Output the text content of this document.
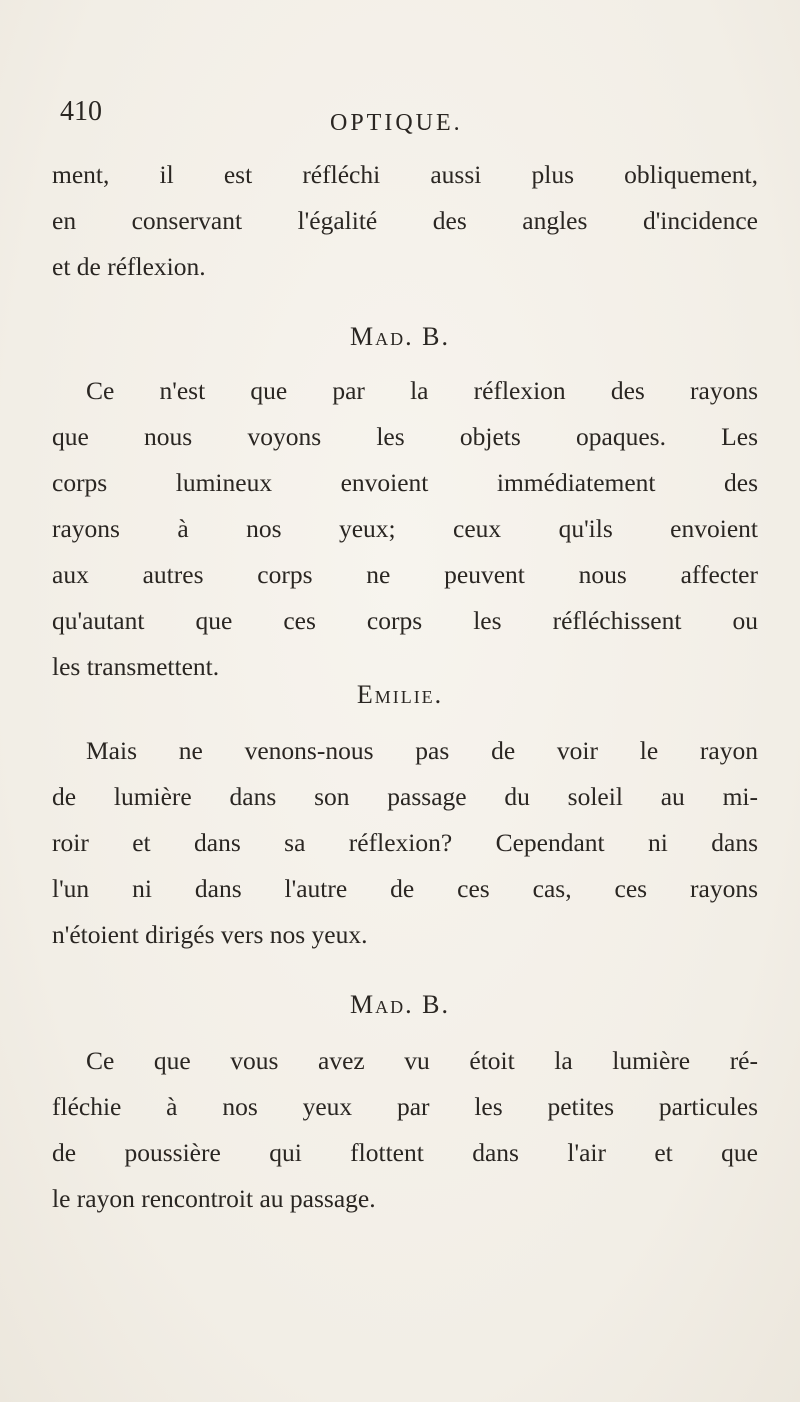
410	OPTIQUE.
ment, il est réfléchi aussi plus obliquement,
en conservant l'égalité des angles d'incidence
et de réflexion.
Mad. B.
Ce n'est que par la réflexion des rayons
que nous voyons les objets opaques. Les
corps lumineux envoient immédiatement des
rayons à nos yeux; ceux qu'ils envoient
aux autres corps ne peuvent nous affecter
qu'autant que ces corps les réfléchissent ou
les transmettent.
Emilie.
Mais ne venons-nous pas de voir le rayon
de lumière dans son passage du soleil au mi-
roir et dans sa réflexion? Cependant ni dans
l'un ni dans l'autre de ces cas, ces rayons
n'étoient dirigés vers nos yeux.
Mad. B.
Ce que vous avez vu étoit la lumière ré-
fléchie à nos yeux par les petites particules
de poussière qui flottent dans l'air et que
le rayon rencontroit au passage.
